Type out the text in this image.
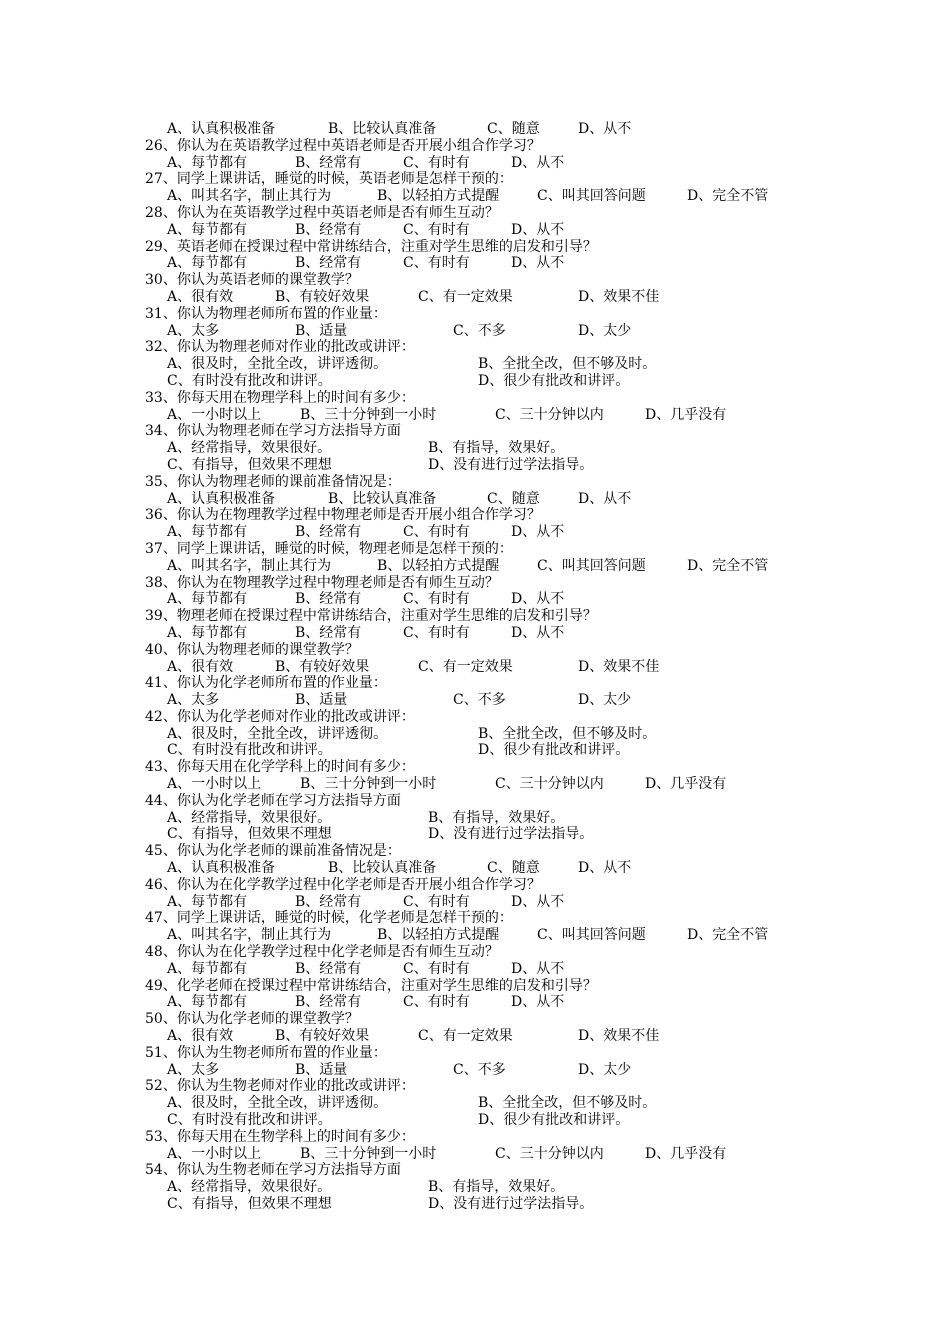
A、认真积极准备	B、比较认真准备	C、随意	D、从不
26、你认为在英语教学过程中英语老师是否开展小组合作学习？
A、每节都有	B、经常有	C、有时有	D、从不
27、同学上课讲话，睡觉的时候，英语老师是怎样干预的：
A、叫其名字，制止其行为	B、以轻拍方式提醒	C、叫其回答问题	D、完全不管
28、你认为在英语教学过程中英语老师是否有师生互动？
A、每节都有	B、经常有	C、有时有	D、从不
29、英语老师在授课过程中常讲练结合，注重对学生思维的启发和引导？
A、每节都有	B、经常有	C、有时有	D、从不
30、你认为英语老师的课堂教学？
A、很有效	B、有较好效果	C、有一定效果	D、效果不佳
31、你认为物理老师所布置的作业量：
A、太多	B、适量	C、不多	D、太少
32、你认为物理老师对作业的批改或讲评：
A、很及时，全批全改，讲评透彻。	B、全批全改，但不够及时。
C、有时没有批改和讲评。	D、很少有批改和讲评。
33、你每天用在物理学科上的时间有多少：
A、一小时以上	B、三十分钟到一小时	C、三十分钟以内	D、几乎没有
34、你认为物理老师在学习方法指导方面
A、经常指导，效果很好。	B、有指导，效果好。
C、有指导，但效果不理想	D、没有进行过学法指导。
35、你认为物理老师的课前准备情况是：
A、认真积极准备	B、比较认真准备	C、随意	D、从不
36、你认为在物理教学过程中物理老师是否开展小组合作学习？
A、每节都有	B、经常有	C、有时有	D、从不
37、同学上课讲话，睡觉的时候，物理老师是怎样干预的：
A、叫其名字，制止其行为	B、以轻拍方式提醒	C、叫其回答问题	D、完全不管
38、你认为在物理教学过程中物理老师是否有师生互动？
A、每节都有	B、经常有	C、有时有	D、从不
39、物理老师在授课过程中常讲练结合，注重对学生思维的启发和引导？
A、每节都有	B、经常有	C、有时有	D、从不
40、你认为物理老师的课堂教学？
A、很有效	B、有较好效果	C、有一定效果	D、效果不佳
41、你认为化学老师所布置的作业量：
A、太多	B、适量	C、不多	D、太少
42、你认为化学老师对作业的批改或讲评：
A、很及时，全批全改，讲评透彻。	B、全批全改，但不够及时。
C、有时没有批改和讲评。	D、很少有批改和讲评。
43、你每天用在化学学科上的时间有多少：
A、一小时以上	B、三十分钟到一小时	C、三十分钟以内	D、几乎没有
44、你认为化学老师在学习方法指导方面
A、经常指导，效果很好。	B、有指导，效果好。
C、有指导，但效果不理想	D、没有进行过学法指导。
45、你认为化学老师的课前准备情况是：
A、认真积极准备	B、比较认真准备	C、随意	D、从不
46、你认为在化学教学过程中化学老师是否开展小组合作学习？
A、每节都有	B、经常有	C、有时有	D、从不
47、同学上课讲话，睡觉的时候，化学老师是怎样干预的：
A、叫其名字，制止其行为	B、以轻拍方式提醒	C、叫其回答问题	D、完全不管
48、你认为在化学教学过程中化学老师是否有师生互动？
A、每节都有	B、经常有	C、有时有	D、从不
49、化学老师在授课过程中常讲练结合，注重对学生思维的启发和引导？
A、每节都有	B、经常有	C、有时有	D、从不
50、你认为化学老师的课堂教学？
A、很有效	B、有较好效果	C、有一定效果	D、效果不佳
51、你认为生物老师所布置的作业量：
A、太多	B、适量	C、不多	D、太少
52、你认为生物老师对作业的批改或讲评：
A、很及时，全批全改，讲评透彻。	B、全批全改，但不够及时。
C、有时没有批改和讲评。	D、很少有批改和讲评。
53、你每天用在生物学科上的时间有多少：
A、一小时以上	B、三十分钟到一小时	C、三十分钟以内	D、几乎没有
54、你认为生物老师在学习方法指导方面
A、经常指导，效果很好。	B、有指导，效果好。
C、有指导，但效果不理想	D、没有进行过学法指导。
